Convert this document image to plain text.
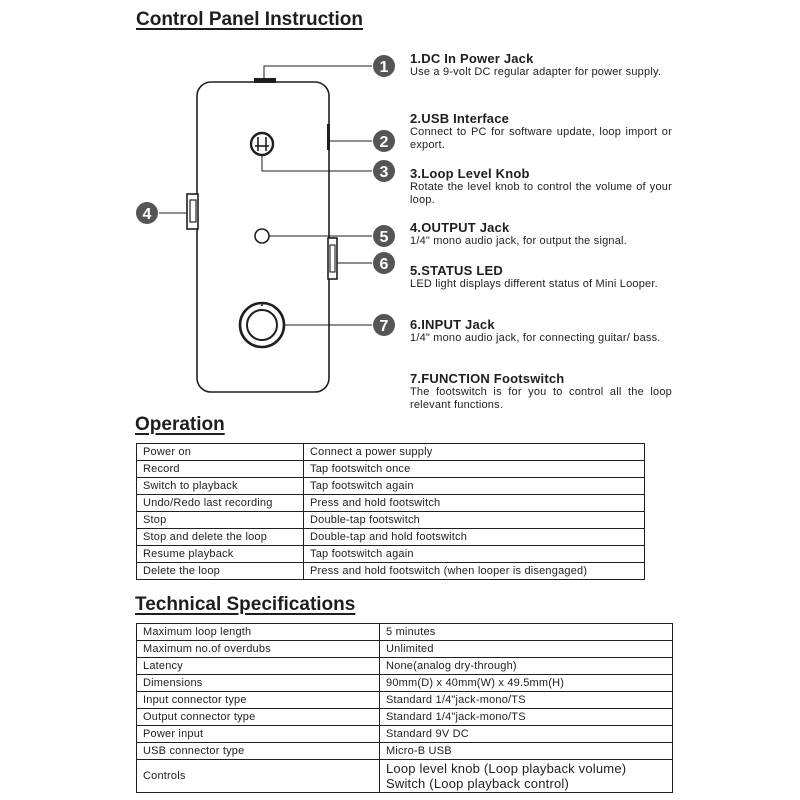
Control Panel Instruction
1
2
3
4
5
6
7
1.DC In Power Jack
Use a 9-volt DC regular adapter for power supply.
2.USB Interface
Connect to PC for software update, loop import or export.
3.Loop Level Knob
Rotate the level knob to control the volume of your loop.
4.OUTPUT Jack
1/4" mono audio jack, for output the signal.
5.STATUS LED
LED light displays different status of Mini Looper.
6.INPUT Jack
1/4" mono audio jack, for connecting guitar/ bass.
7.FUNCTION Footswitch
The footswitch is for you to control all the loop relevant functions.
Operation
Power on	Connect a power supply
Record	Tap footswitch once
Switch to playback	Tap footswitch again
Undo/Redo last recording	Press and hold footswitch
Stop	Double-tap footswitch
Stop and delete the loop	Double-tap and hold footswitch
Resume playback	Tap footswitch again
Delete the loop	Press and hold footswitch (when looper is disengaged)
Technical Specifications
Maximum loop length	5 minutes
Maximum no.of overdubs	Unlimited
Latency	None(analog dry-through)
Dimensions	90mm(D) x 40mm(W) x 49.5mm(H)
Input connector type	Standard 1/4"jack-mono/TS
Output connector type	Standard 1/4"jack-mono/TS
Power input	Standard 9V DC
USB connector type	Micro-B USB
Controls	Loop level knob (Loop playback volume)
Switch (Loop playback control)
